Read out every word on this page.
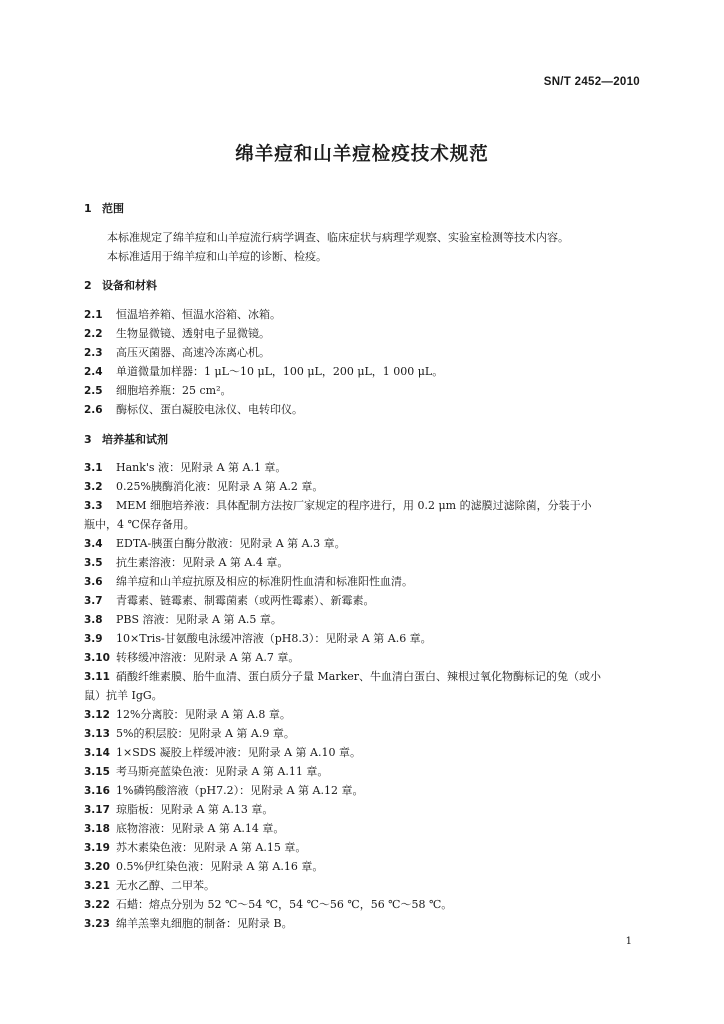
SN/T 2452—2010
绵羊痘和山羊痘检疫技术规范
1 范围
本标准规定了绵羊痘和山羊痘流行病学调查、临床症状与病理学观察、实验室检测等技术内容。
本标准适用于绵羊痘和山羊痘的诊断、检疫。
2 设备和材料
2.1 恒温培养箱、恒温水浴箱、冰箱。
2.2 生物显微镜、透射电子显微镜。
2.3 高压灭菌器、高速冷冻离心机。
2.4 单道微量加样器：1 μL～10 μL，100 μL，200 μL，1 000 μL。
2.5 细胞培养瓶：25 cm²。
2.6 酶标仪、蛋白凝胶电泳仪、电转印仪。
3 培养基和试剂
3.1 Hank's 液：见附录 A 第 A.1 章。
3.2 0.25%胰酶消化液：见附录 A 第 A.2 章。
3.3 MEM 细胞培养液：具体配制方法按厂家规定的程序进行，用 0.2 μm 的滤膜过滤除菌，分装于小
瓶中，4 ℃保存备用。
3.4 EDTA-胰蛋白酶分散液：见附录 A 第 A.3 章。
3.5 抗生素溶液：见附录 A 第 A.4 章。
3.6 绵羊痘和山羊痘抗原及相应的标准阴性血清和标准阳性血清。
3.7 青霉素、链霉素、制霉菌素（或两性霉素）、新霉素。
3.8 PBS 溶液：见附录 A 第 A.5 章。
3.9 10×Tris-甘氨酸电泳缓冲溶液（pH8.3）：见附录 A 第 A.6 章。
3.10 转移缓冲溶液：见附录 A 第 A.7 章。
3.11 硝酸纤维素膜、胎牛血清、蛋白质分子量 Marker、牛血清白蛋白、辣根过氧化物酶标记的兔（或小
鼠）抗羊 IgG。
3.12 12%分离胶：见附录 A 第 A.8 章。
3.13 5%的积层胶：见附录 A 第 A.9 章。
3.14 1×SDS 凝胶上样缓冲液：见附录 A 第 A.10 章。
3.15 考马斯亮蓝染色液：见附录 A 第 A.11 章。
3.16 1%磷钨酸溶液（pH7.2）：见附录 A 第 A.12 章。
3.17 琼脂板：见附录 A 第 A.13 章。
3.18 底物溶液：见附录 A 第 A.14 章。
3.19 苏木素染色液：见附录 A 第 A.15 章。
3.20 0.5%伊红染色液：见附录 A 第 A.16 章。
3.21 无水乙醇、二甲苯。
3.22 石蜡：熔点分别为 52 ℃～54 ℃，54 ℃～56 ℃，56 ℃～58 ℃。
3.23 绵羊羔睾丸细胞的制备：见附录 B。
1
